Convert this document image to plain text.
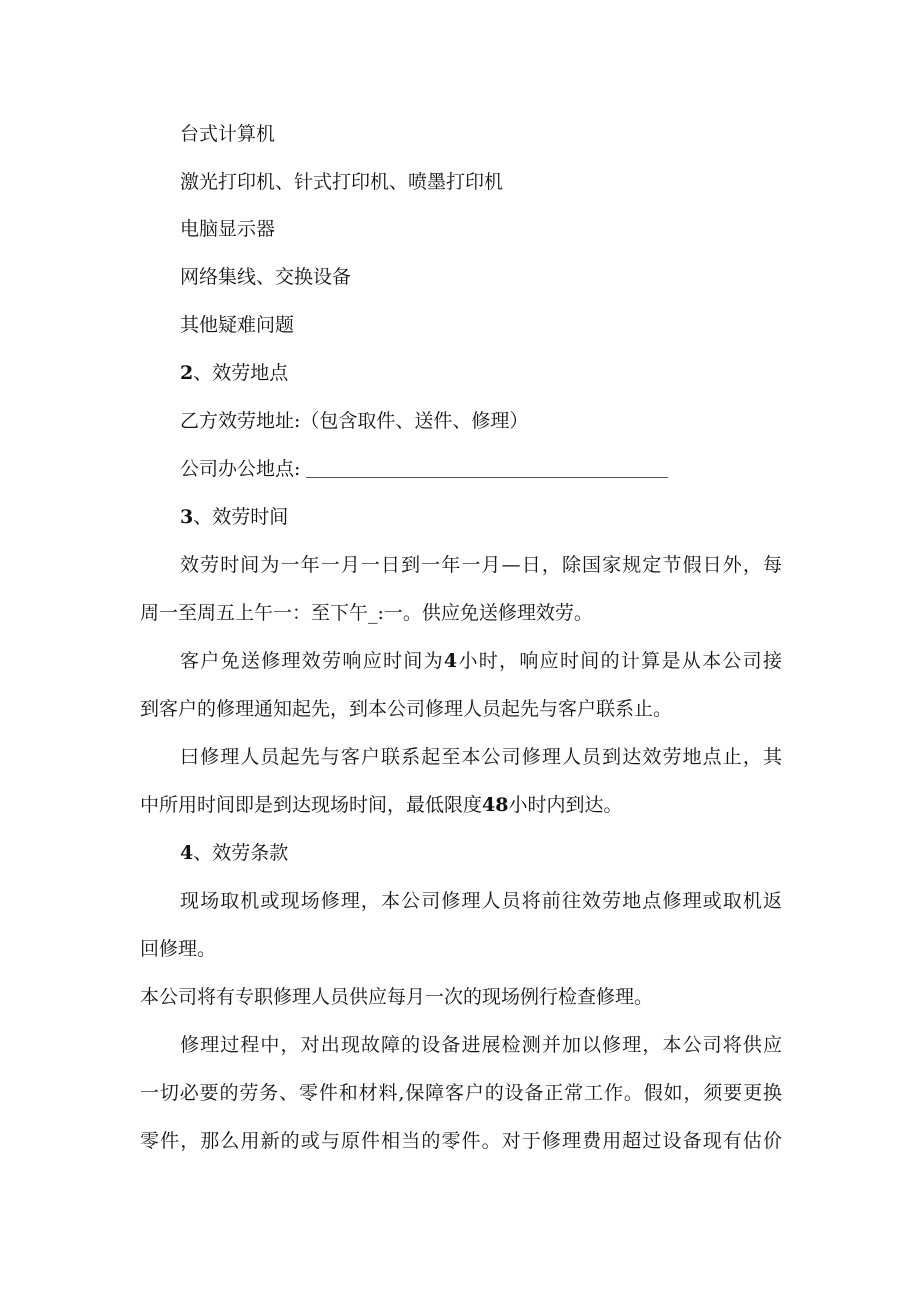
台式计算机

激光打印机、针式打印机、喷墨打印机

电脑显示器

网络集线、交换设备

其他疑难问题

2、效劳地点

乙方效劳地址:（包含取件、送件、修理）

公司办公地点:

3、效劳时间

效劳时间为一年一月一日到一年一月—日，除国家规定节假日外，每

周一至周五上午一：至下午_:一。供应免送修理效劳。

客户免送修理效劳响应时间为4小时，响应时间的计算是从本公司接

到客户的修理通知起先，到本公司修理人员起先与客户联系止。

曰修理人员起先与客户联系起至本公司修理人员到达效劳地点止，其

中所用时间即是到达现场时间，最低限度48小时内到达。

4、效劳条款

现场取机或现场修理，本公司修理人员将前往效劳地点修理或取机返

回修理。

本公司将有专职修理人员供应每月一次的现场例行检查修理。

修理过程中，对出现故障的设备进展检测并加以修理，本公司将供应

一切必要的劳务、零件和材料,保障客户的设备正常工作。假如，须要更换

零件，那么用新的或与原件相当的零件。对于修理费用超过设备现有估价
